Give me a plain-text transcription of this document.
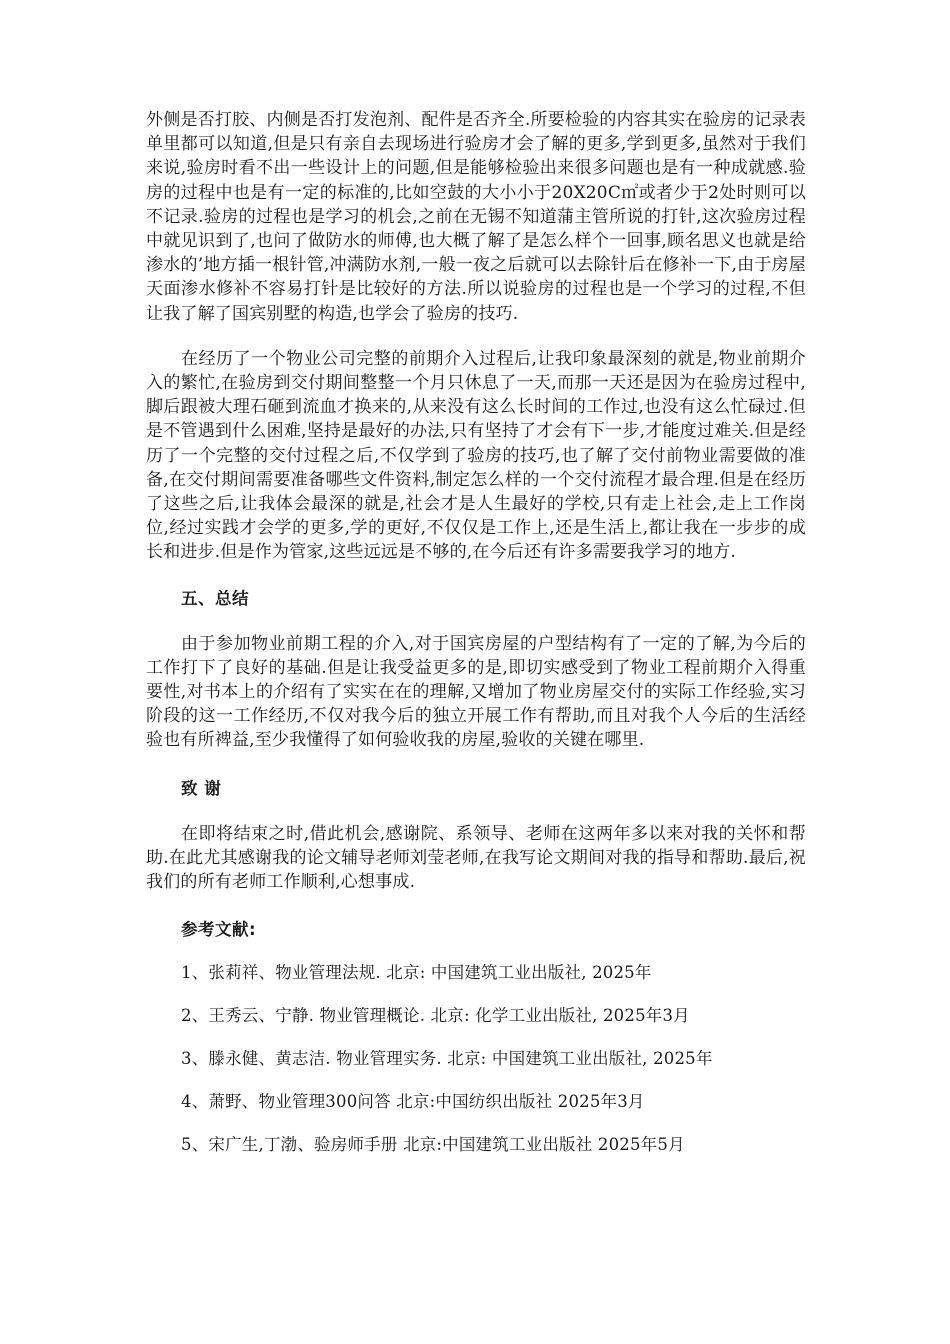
外侧是否打胶、内侧是否打发泡剂、配件是否齐全.所要检验的内容其实在验房的记录表单里都可以知道,但是只有亲自去现场进行验房才会了解的更多,学到更多,虽然对于我们来说,验房时看不出一些设计上的问题,但是能够检验出来很多问题也是有一种成就感.验房的过程中也是有一定的标准的,比如空鼓的大小小于20X20C㎡或者少于2处时则可以不记录.验房的过程也是学习的机会,之前在无锡不知道蒲主管所说的打针,这次验房过程中就见识到了,也问了做防水的师傅,也大概了解了是怎么样个一回事,顾名思义也就是给渗水的’地方插一根针管,冲满防水剂,一般一夜之后就可以去除针后在修补一下,由于房屋天面渗水修补不容易打针是比较好的方法.所以说验房的过程也是一个学习的过程,不但让我了解了国宾别墅的构造,也学会了验房的技巧.

在经历了一个物业公司完整的前期介入过程后,让我印象最深刻的就是,物业前期介入的繁忙,在验房到交付期间整整一个月只休息了一天,而那一天还是因为在验房过程中,脚后跟被大理石砸到流血才换来的,从来没有这么长时间的工作过,也没有这么忙碌过.但是不管遇到什么困难,坚持是最好的办法,只有坚持了才会有下一步,才能度过难关.但是经历了一个完整的交付过程之后,不仅学到了验房的技巧,也了解了交付前物业需要做的准备,在交付期间需要准备哪些文件资料,制定怎么样的一个交付流程才最合理.但是在经历了这些之后,让我体会最深的就是,社会才是人生最好的学校,只有走上社会,走上工作岗位,经过实践才会学的更多,学的更好,不仅仅是工作上,还是生活上,都让我在一步步的成长和进步.但是作为管家,这些远远是不够的,在今后还有许多需要我学习的地方.

五、总结

由于参加物业前期工程的介入,对于国宾房屋的户型结构有了一定的了解,为今后的工作打下了良好的基础.但是让我受益更多的是,即切实感受到了物业工程前期介入得重要性,对书本上的介绍有了实实在在的理解,又增加了物业房屋交付的实际工作经验,实习阶段的这一工作经历,不仅对我今后的独立开展工作有帮助,而且对我个人今后的生活经验也有所裨益,至少我懂得了如何验收我的房屋,验收的关键在哪里.

致 谢

在即将结束之时,借此机会,感谢院、系领导、老师在这两年多以来对我的关怀和帮助.在此尤其感谢我的论文辅导老师刘莹老师,在我写论文期间对我的指导和帮助.最后,祝我们的所有老师工作顺利,心想事成.

参考文献:

1、张莉祥、物业管理法规. 北京: 中国建筑工业出版社, 2025年

2、王秀云、宁静. 物业管理概论. 北京: 化学工业出版社, 2025年3月

3、滕永健、黄志洁. 物业管理实务. 北京: 中国建筑工业出版社, 2025年

4、萧野、物业管理300问答 北京:中国纺织出版社 2025年3月

5、宋广生,丁渤、验房师手册 北京:中国建筑工业出版社 2025年5月
